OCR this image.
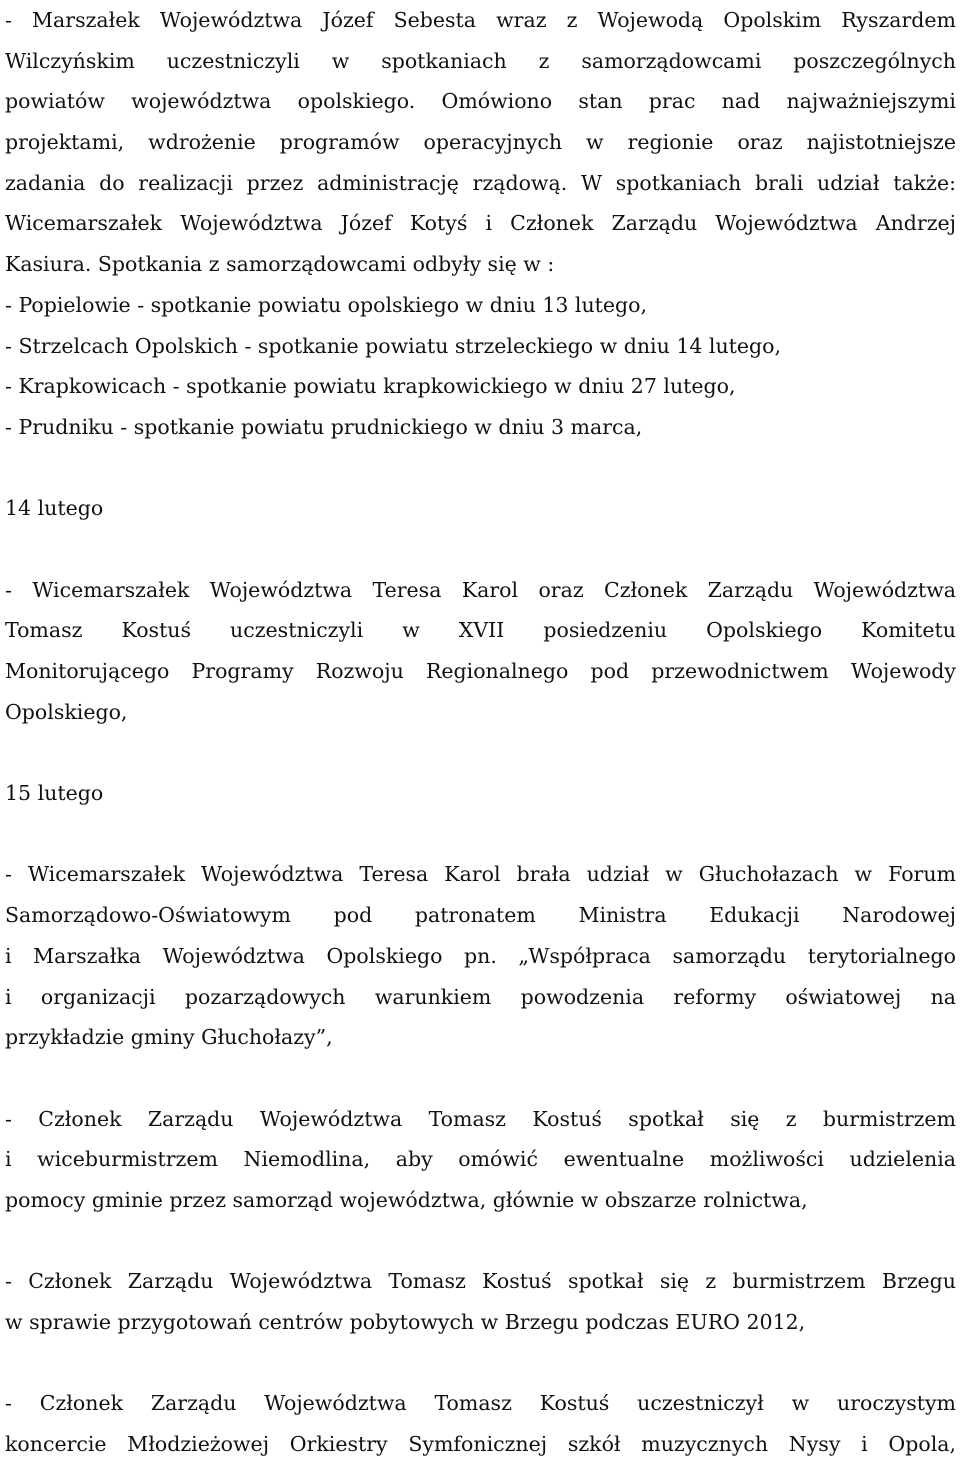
- Marszałek Województwa Józef Sebesta wraz z Wojewodą Opolskim Ryszardem
Wilczyńskim uczestniczyli w spotkaniach z samorządowcami poszczególnych
powiatów województwa opolskiego. Omówiono stan prac nad najważniejszymi
projektami, wdrożenie programów operacyjnych w regionie oraz najistotniejsze
zadania do realizacji przez administrację rządową. W spotkaniach brali udział także:
Wicemarszałek Województwa Józef Kotyś i Członek Zarządu Województwa Andrzej
Kasiura. Spotkania z samorządowcami odbyły się w :
- Popielowie - spotkanie powiatu opolskiego w dniu 13 lutego,
- Strzelcach Opolskich - spotkanie powiatu strzeleckiego w dniu 14 lutego,
- Krapkowicach - spotkanie powiatu krapkowickiego w dniu 27 lutego,
- Prudniku - spotkanie powiatu prudnickiego w dniu 3 marca,
14 lutego
- Wicemarszałek Województwa Teresa Karol oraz Członek Zarządu Województwa
Tomasz Kostuś uczestniczyli w XVII posiedzeniu Opolskiego Komitetu
Monitorującego Programy Rozwoju Regionalnego pod przewodnictwem Wojewody
Opolskiego,
15 lutego
- Wicemarszałek Województwa Teresa Karol brała udział w Głuchołazach w Forum
Samorządowo-Oświatowym pod patronatem Ministra Edukacji Narodowej
i Marszałka Województwa Opolskiego pn. „Współpraca samorządu terytorialnego
i organizacji pozarządowych warunkiem powodzenia reformy oświatowej na
przykładzie gminy Głuchołazy”,
- Członek Zarządu Województwa Tomasz Kostuś spotkał się z burmistrzem
i wiceburmistrzem Niemodlina, aby omówić ewentualne możliwości udzielenia
pomocy gminie przez samorząd województwa, głównie w obszarze rolnictwa,
- Członek Zarządu Województwa Tomasz Kostuś spotkał się z burmistrzem Brzegu
w sprawie przygotowań centrów pobytowych w Brzegu podczas EURO 2012,
- Członek Zarządu Województwa Tomasz Kostuś uczestniczył w uroczystym
koncercie Młodzieżowej Orkiestry Symfonicznej szkół muzycznych Nysy i Opola,
